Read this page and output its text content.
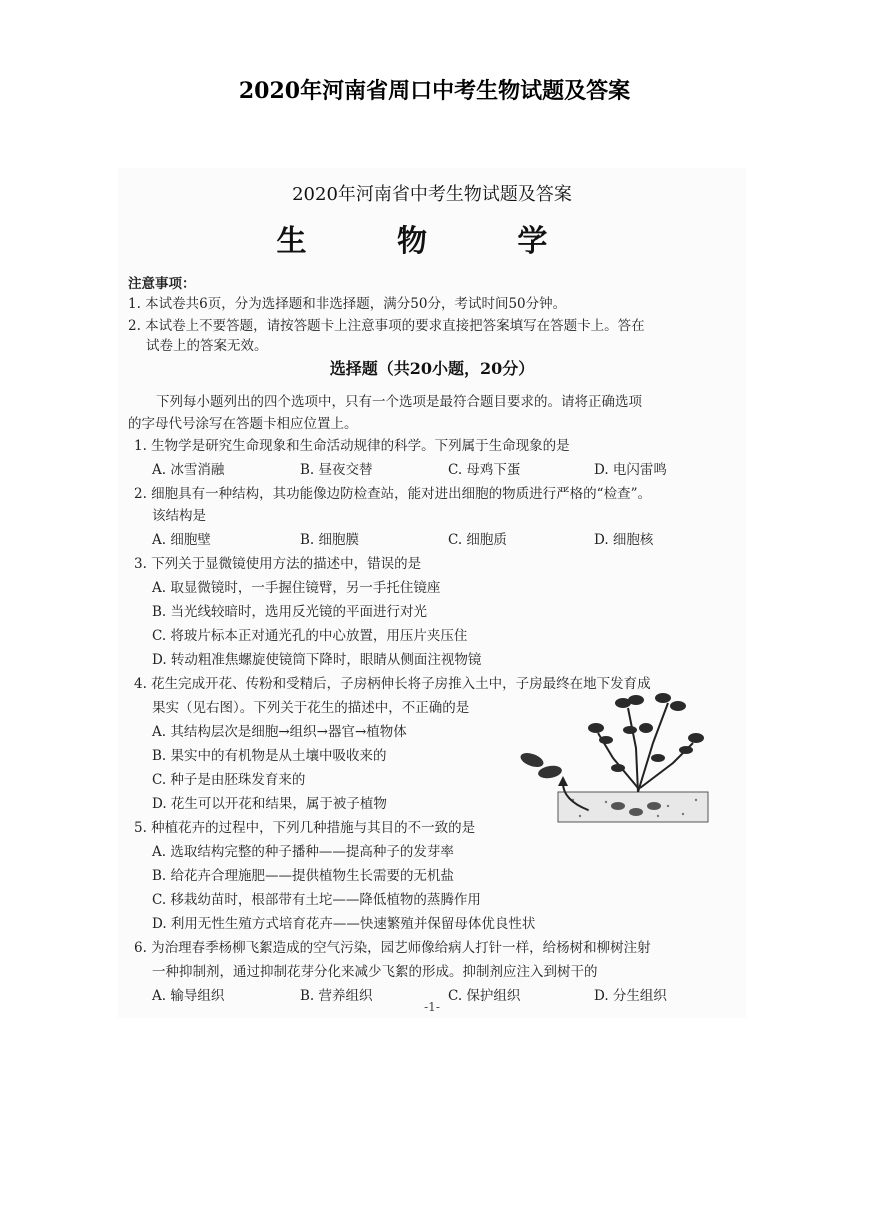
2020年河南省周口中考生物试题及答案
2020年河南省中考生物试题及答案
生 物 学
注意事项：
1. 本试卷共6页，分为选择题和非选择题，满分50分，考试时间50分钟。
2. 本试卷上不要答题，请按答题卡上注意事项的要求直接把答案填写在答题卡上。答在
试卷上的答案无效。
选择题（共20小题，20分）
下列每小题列出的四个选项中，只有一个选项是最符合题目要求的。请将正确选项
的字母代号涂写在答题卡相应位置上。
1. 生物学是研究生命现象和生命活动规律的科学。下列属于生命现象的是
A. 冰雪消融	B. 昼夜交替	C. 母鸡下蛋	D. 电闪雷鸣
2. 细胞具有一种结构，其功能像边防检查站，能对进出细胞的物质进行严格的“检查”。
该结构是
A. 细胞壁	B. 细胞膜	C. 细胞质	D. 细胞核
3. 下列关于显微镜使用方法的描述中，错误的是
A. 取显微镜时，一手握住镜臂，另一手托住镜座
B. 当光线较暗时，选用反光镜的平面进行对光
C. 将玻片标本正对通光孔的中心放置，用压片夹压住
D. 转动粗准焦螺旋使镜筒下降时，眼睛从侧面注视物镜
4. 花生完成开花、传粉和受精后，子房柄伸长将子房推入土中，子房最终在地下发育成
果实（见右图）。下列关于花生的描述中，不正确的是
A. 其结构层次是细胞→组织→器官→植物体
B. 果实中的有机物是从土壤中吸收来的
C. 种子是由胚珠发育来的
D. 花生可以开花和结果，属于被子植物
5. 种植花卉的过程中，下列几种措施与其目的不一致的是
A. 选取结构完整的种子播种——提高种子的发芽率
B. 给花卉合理施肥——提供植物生长需要的无机盐
C. 移栽幼苗时，根部带有土坨——降低植物的蒸腾作用
D. 利用无性生殖方式培育花卉——快速繁殖并保留母体优良性状
6. 为治理春季杨柳飞絮造成的空气污染，园艺师像给病人打针一样，给杨树和柳树注射
一种抑制剂，通过抑制花芽分化来减少飞絮的形成。抑制剂应注入到树干的
A. 输导组织	B. 营养组织	C. 保护组织	D. 分生组织
-1-
